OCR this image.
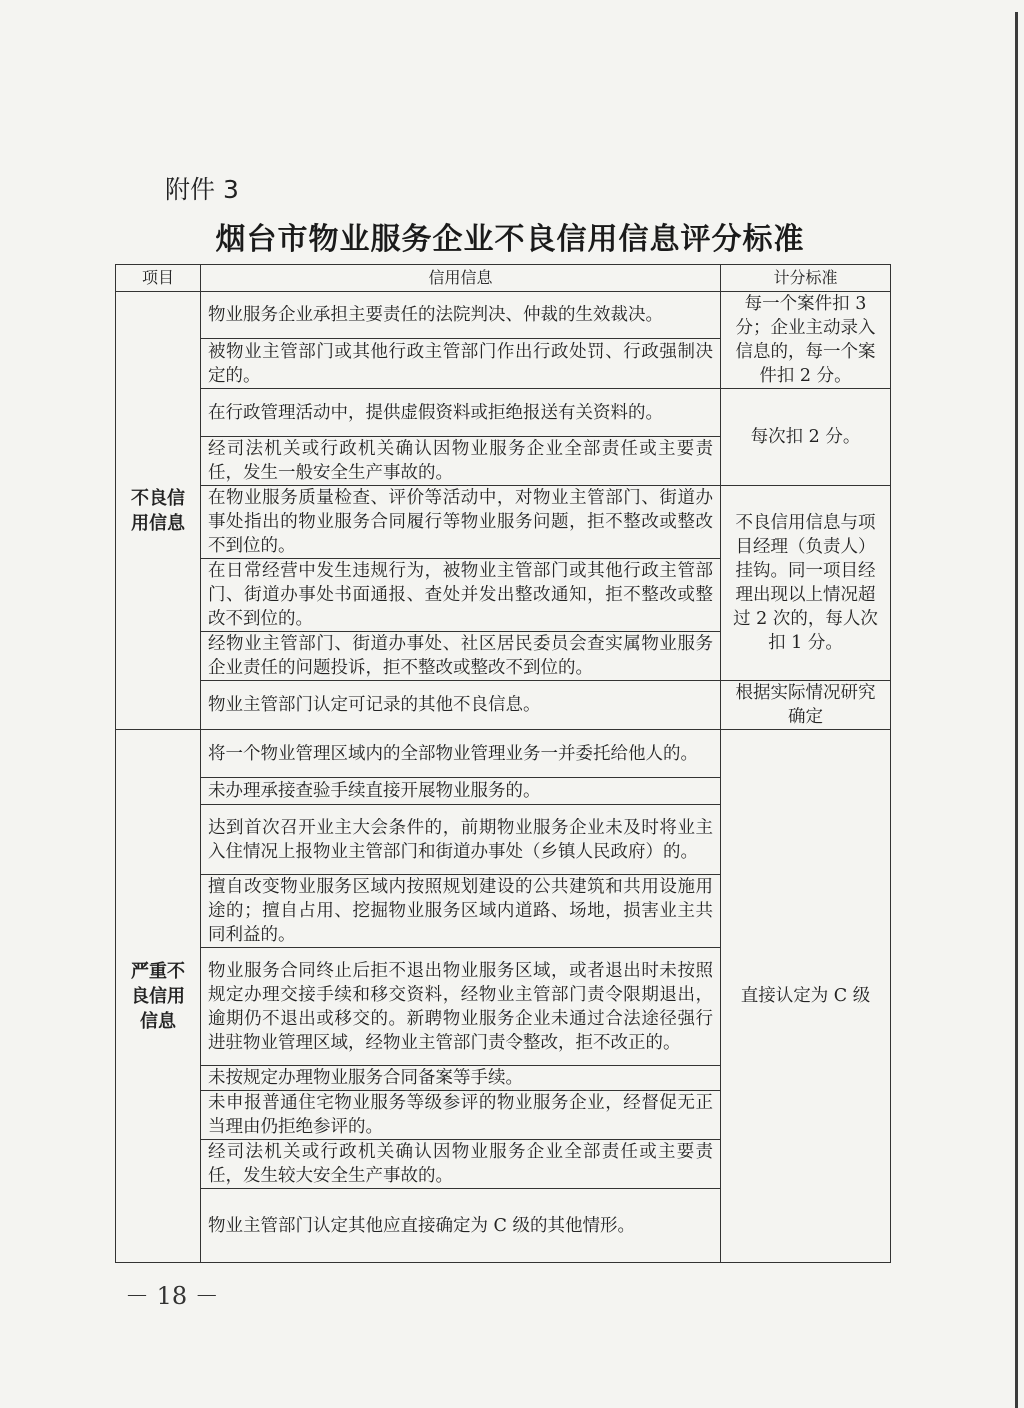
附件 3
烟台市物业服务企业不良信用信息评分标准
项目	信用信息	计分标准
不良信用信息	物业服务企业承担主要责任的法院判决、仲裁的生效裁决。	每一个案件扣 3 分；企业主动录入信息的，每一个案件扣 2 分。
	被物业主管部门或其他行政主管部门作出行政处罚、行政强制决定的。	
	在行政管理活动中，提供虚假资料或拒绝报送有关资料的。	每次扣 2 分。
	经司法机关或行政机关确认因物业服务企业全部责任或主要责任，发生一般安全生产事故的。	
	在物业服务质量检查、评价等活动中，对物业主管部门、街道办事处指出的物业服务合同履行等物业服务问题，拒不整改或整改不到位的。	不良信用信息与项目经理（负责人）挂钩。同一项目经理出现以上情况超过 2 次的，每人次扣 1 分。
	在日常经营中发生违规行为，被物业主管部门或其他行政主管部门、街道办事处书面通报、查处并发出整改通知，拒不整改或整改不到位的。	
	经物业主管部门、街道办事处、社区居民委员会查实属物业服务企业责任的问题投诉，拒不整改或整改不到位的。	
	物业主管部门认定可记录的其他不良信息。	根据实际情况研究确定
严重不良信用信息	将一个物业管理区域内的全部物业管理业务一并委托给他人的。	直接认定为 C 级
	未办理承接查验手续直接开展物业服务的。	
	达到首次召开业主大会条件的，前期物业服务企业未及时将业主入住情况上报物业主管部门和街道办事处（乡镇人民政府）的。	
	擅自改变物业服务区域内按照规划建设的公共建筑和共用设施用途的；擅自占用、挖掘物业服务区域内道路、场地，损害业主共同利益的。	
	物业服务合同终止后拒不退出物业服务区域，或者退出时未按照规定办理交接手续和移交资料，经物业主管部门责令限期退出，逾期仍不退出或移交的。新聘物业服务企业未通过合法途径强行进驻物业管理区域，经物业主管部门责令整改，拒不改正的。	
	未按规定办理物业服务合同备案等手续。	
	未申报普通住宅物业服务等级参评的物业服务企业，经督促无正当理由仍拒绝参评的。	
	经司法机关或行政机关确认因物业服务企业全部责任或主要责任，发生较大安全生产事故的。	
	物业主管部门认定其他应直接确定为 C 级的其他情形。	
－ 18 －
